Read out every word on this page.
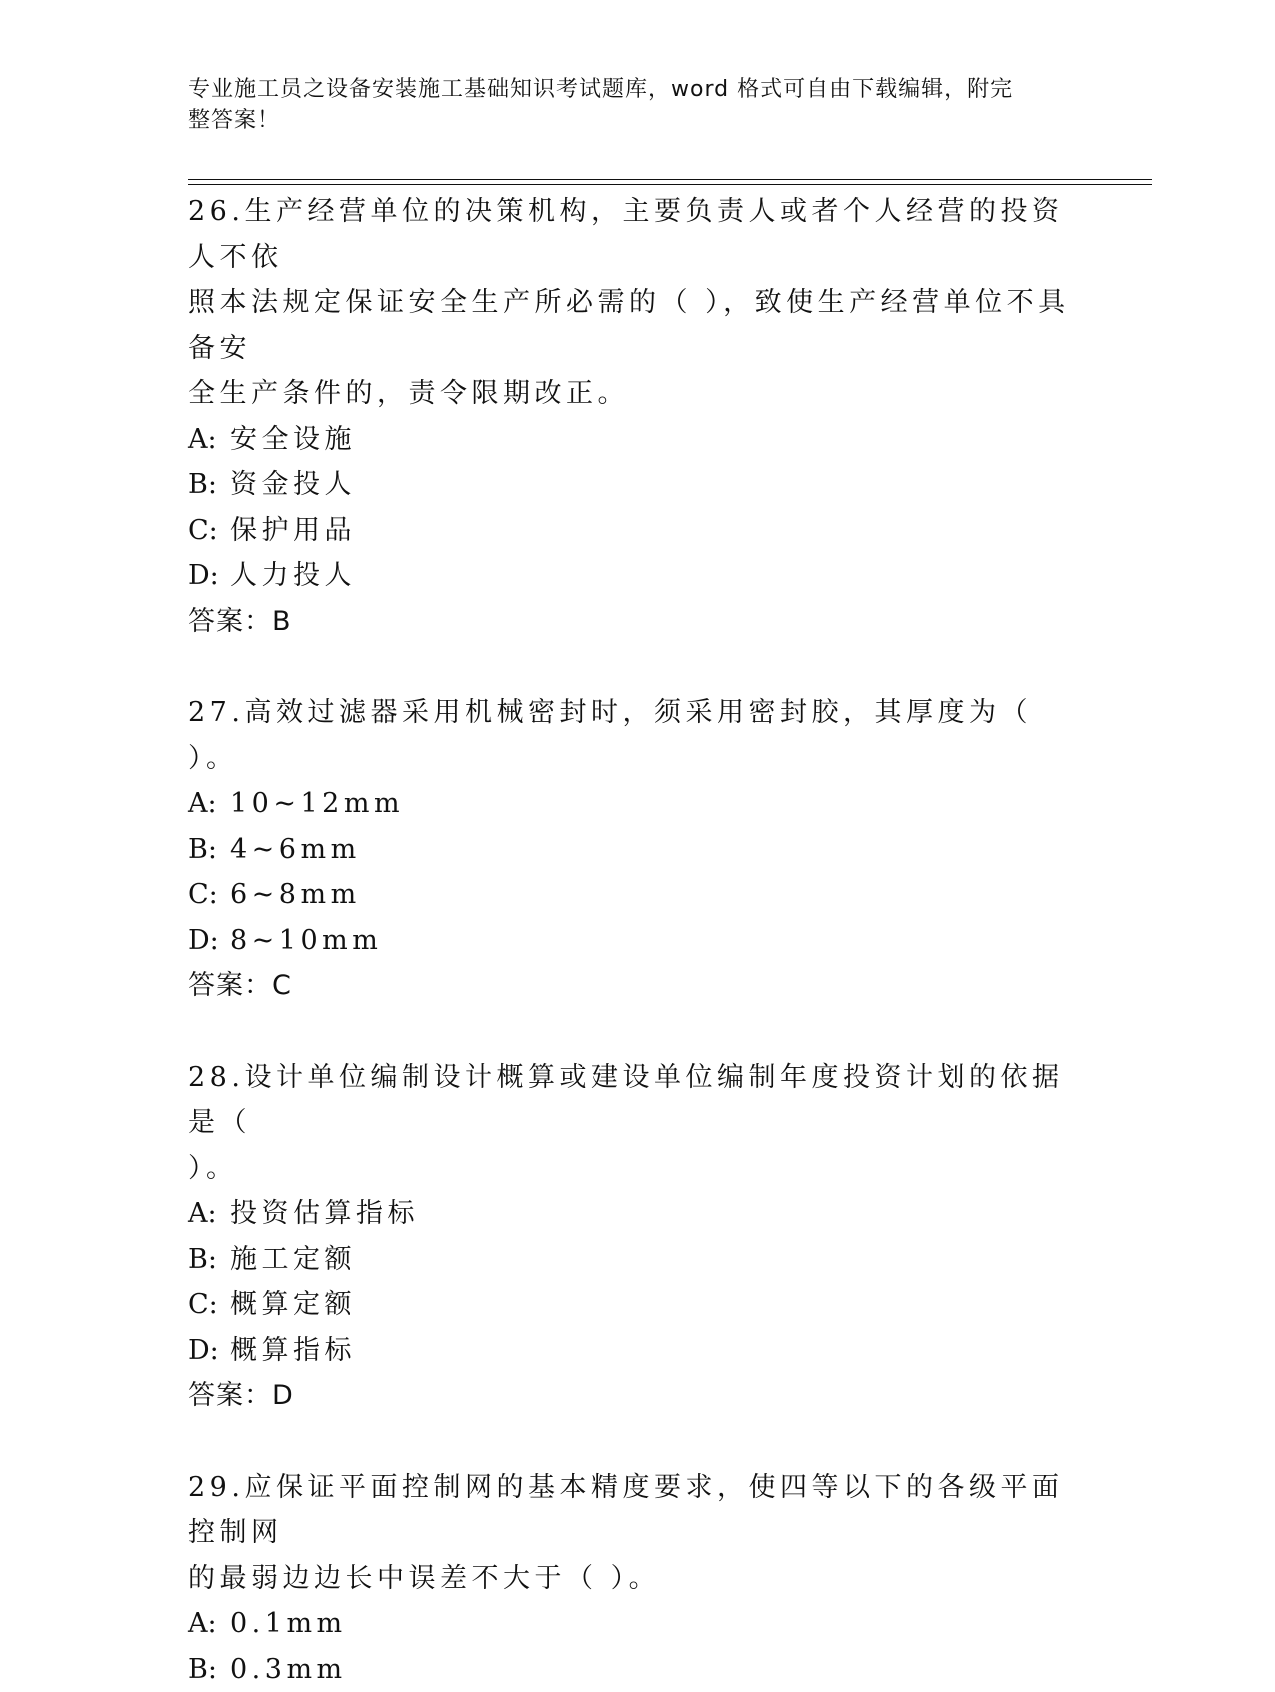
专业施工员之设备安装施工基础知识考试题库，word 格式可自由下载编辑，附完
整答案！
26.生产经营单位的决策机构，主要负责人或者个人经营的投资人不依
照本法规定保证安全生产所必需的（ ），致使生产经营单位不具备安
全生产条件的，责令限期改正。
A: 安全设施
B: 资金投人
C: 保护用品
D: 人力投人
答案：B
27.高效过滤器采用机械密封时，须采用密封胶，其厚度为（ ）。
A: 10~12mm
B: 4~6mm
C: 6~8mm
D: 8~10mm
答案：C
28.设计单位编制设计概算或建设单位编制年度投资计划的依据是（
）。
A: 投资估算指标
B: 施工定额
C: 概算定额
D: 概算指标
答案：D
29.应保证平面控制网的基本精度要求，使四等以下的各级平面控制网
的最弱边边长中误差不大于（ ）。
A: 0.1mm
B: 0.3mm
